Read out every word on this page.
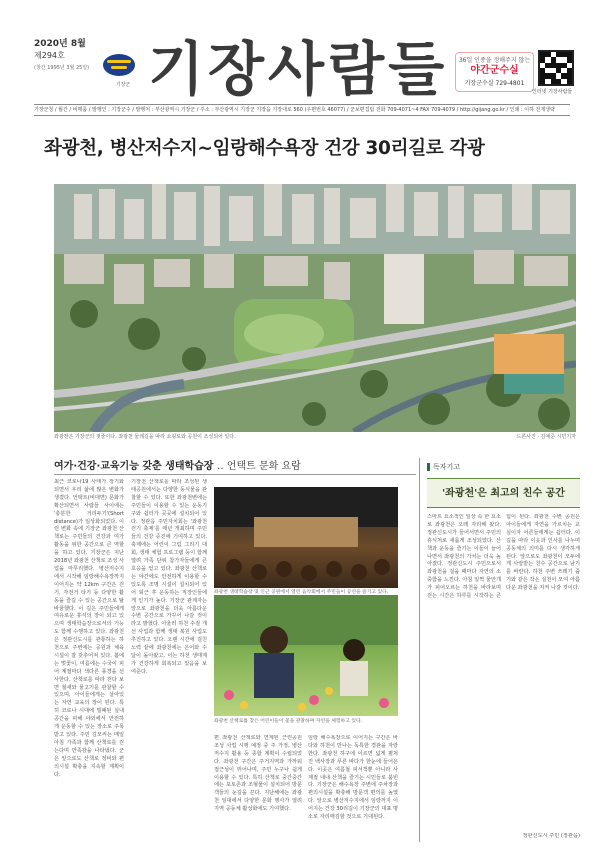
2020년 8월
제294호
(창간 1995년 3월 25일)
기장군 기장사람들	36일 인종을 정해주지 않는
야간군수실
기장군수실 729-4801
인터넷 기장사람들
기장군청 / 월간 / 비매품 / 발행인 : 기장군수 / 발행처 : 부산광역시 기장군 / 주소 : 부산광역시 기장군 기장읍 기장대로 560 (우편번호 46077) / 군보편집팀 전화 709-4071~4 FAX 709-4079 / http://gijang.go.kr / 인쇄 : 이하 전재생략
좌광천, 병산저수지~임랑해수욕장 건강 30리길로 각광
좌광천은 기장군의 젖줄이다. 좌광천 둘레길을 따라 쇼핑로와 공원이 조성되어 있다.	드론사진 · 김예준 시민기자
여가·건강·교육기능 갖춘 생태학습장 ‥ 언택트 문화 요람
최근 코로나19 사태가 장기화되면서 우리 삶에 많은 변화가 생겼다. 언택트(비대면) 문화가 확산되면서 사람들 사이에는 '충분한 거리두기'(Short distance)가 일상화되었다. 이런 변화 속에 기장군 좌광천 산책로는 주민들의 건강과 여가 활동을 위한 공간으로 큰 역할을 하고 있다. 기장군은 지난 2018년 좌광천 산책로 조성 사업을 마무리했다. 병산저수지에서 시작해 임랑해수욕장까지 이어지는 약 12km 구간은 걷기, 자전거 타기 등 다양한 활동을 즐길 수 있는 공간으로 탈바꿈했다. 이 길은 주민들에게 여유로운 휴식의 장이 되고 있으며 생태학습장으로서의 기능도 함께 수행하고 있다. 좌광천은 정관신도시를 관통하는 하천으로 주변에는 공원과 체육시설이 잘 갖추어져 있다. 봄에는 벚꽃이, 여름에는 수국이 피어 계절마다 색다른 풍경을 선사한다. 산책로를 따라 걷다 보면 철새와 물고기를 관찰할 수 있으며, 아이들에게는 살아있는 자연 교육의 장이 된다. 특히 코로나 시대에 밀폐된 실내 공간을 피해 야외에서 안전하게 운동할 수 있는 장소로 주목받고 있다. 주민 김모씨는 매일 아침 가족과 함께 산책로를 걷는다며 만족감을 나타냈다. 군은 앞으로도 산책로 정비와 편의시설 확충을 지속할 계획이다.
기장천 산책로를 따라 조성된 생태공원에서는 다양한 동식물을 관찰할 수 있다. 또한 좌광천변에는 주민들이 이용할 수 있는 운동기구와 쉼터가 곳곳에 설치되어 있다. 정관읍 주민자치회는 '좌광천 걷기 축제'를 매년 개최하며 주민들의 건강 증진에 기여하고 있다. 축제에는 어린이 그림 그리기 대회, 생태 체험 프로그램 등이 함께 열려 가족 단위 참가자들에게 큰 호응을 얻고 있다. 좌광천 산책로는 야간에도 안전하게 이용할 수 있도록 조명 시설이 설치되어 있어 퇴근 후 운동하는 직장인들에게 인기가 높다. 기장군 관계자는 앞으로 좌광천을 더욱 아름다운 수변 공간으로 가꾸어 나갈 것이라고 밝혔다. 아울러 하천 수질 개선 사업과 함께 생태 복원 사업도 추진하고 있다. 오랜 시간에 걸친 노력 끝에 좌광천에는 은어와 수달이 돌아왔고, 이는 하천 생태계가 건강하게 회복되고 있음을 보여준다.
좌광천 생태학습장 및 인근 공원에서 열린 음악회에서 주민들이 공연을 즐기고 있다.
좌광천 산책로를 찾은 어린이들이 꽃을 관찰하며 자연을 체험하고 있다.
편 좌광천 산책로와 연계된 근린공원 조성 사업 시행 예정 중 주 가정, 병산저수지 활용 등 종합 계획이 수립되었다. 좌광천 구간은 주거지역과 가까워 접근성이 뛰어나며, 주민 누구나 쉽게 이용할 수 있다. 특히 산책로 중간중간에는 포토존과 조형물이 설치되어 방문객들의 눈길을 끈다. 지난해에는 좌광천 일대에서 다양한 문화 행사가 열려 지역 공동체 활성화에도 기여했다.
임랑 해수욕장으로 이어지는 구간은 바다와 하천이 만나는 독특한 경관을 자랑한다. 좌광천 하구에 이르면 넓게 펼쳐진 백사장과 푸른 바다가 한눈에 들어온다. 이곳은 여름철 피서객뿐 아니라 사계절 내내 산책을 즐기는 시민들로 붐빈다. 기장군은 해수욕장 주변에 주차장과 편의시설을 확충해 방문객 편의를 높였다. 앞으로 병산저수지에서 임랑까지 이어지는 건강 30리길이 기장군의 대표 명소로 자리매김할 것으로 기대된다.
독자기고
'좌광천'은 최고의 친수 공간
스마트 요소적인 일상 속 한 요소로 좌광천은 오래 자리해 왔다. 정관신도시가 들어서면서 주민의 휴식처로 새롭게 조성되었다. 산책과 운동을 즐기는 이들이 늘어나면서 좌광천의 가치는 더욱 높아졌다. 정관신도시 주민으로서 좌광천을 걸을 때마다 자연의 소중함을 느낀다. 아침 일찍 물안개가 피어오르는 하천을 바라보며 걷는 시간은 하루를 시작하는 큰 힘이 된다. 좌광천 수변 공원은 아이들에게 자연을 가르치는 교실이자 어른들에게는 쉼터다. 이 길을 따라 이웃과 인사를 나누며 공동체의 의미를 다시 생각하게 된다. 앞으로도 좌광천이 모두에게 사랑받는 친수 공간으로 남기를 바란다. 하천 주변 쓰레기 줍기와 같은 작은 실천이 모여 아름다운 좌광천을 지켜 나갈 것이다.
정관신도시 주민 (정관읍)
